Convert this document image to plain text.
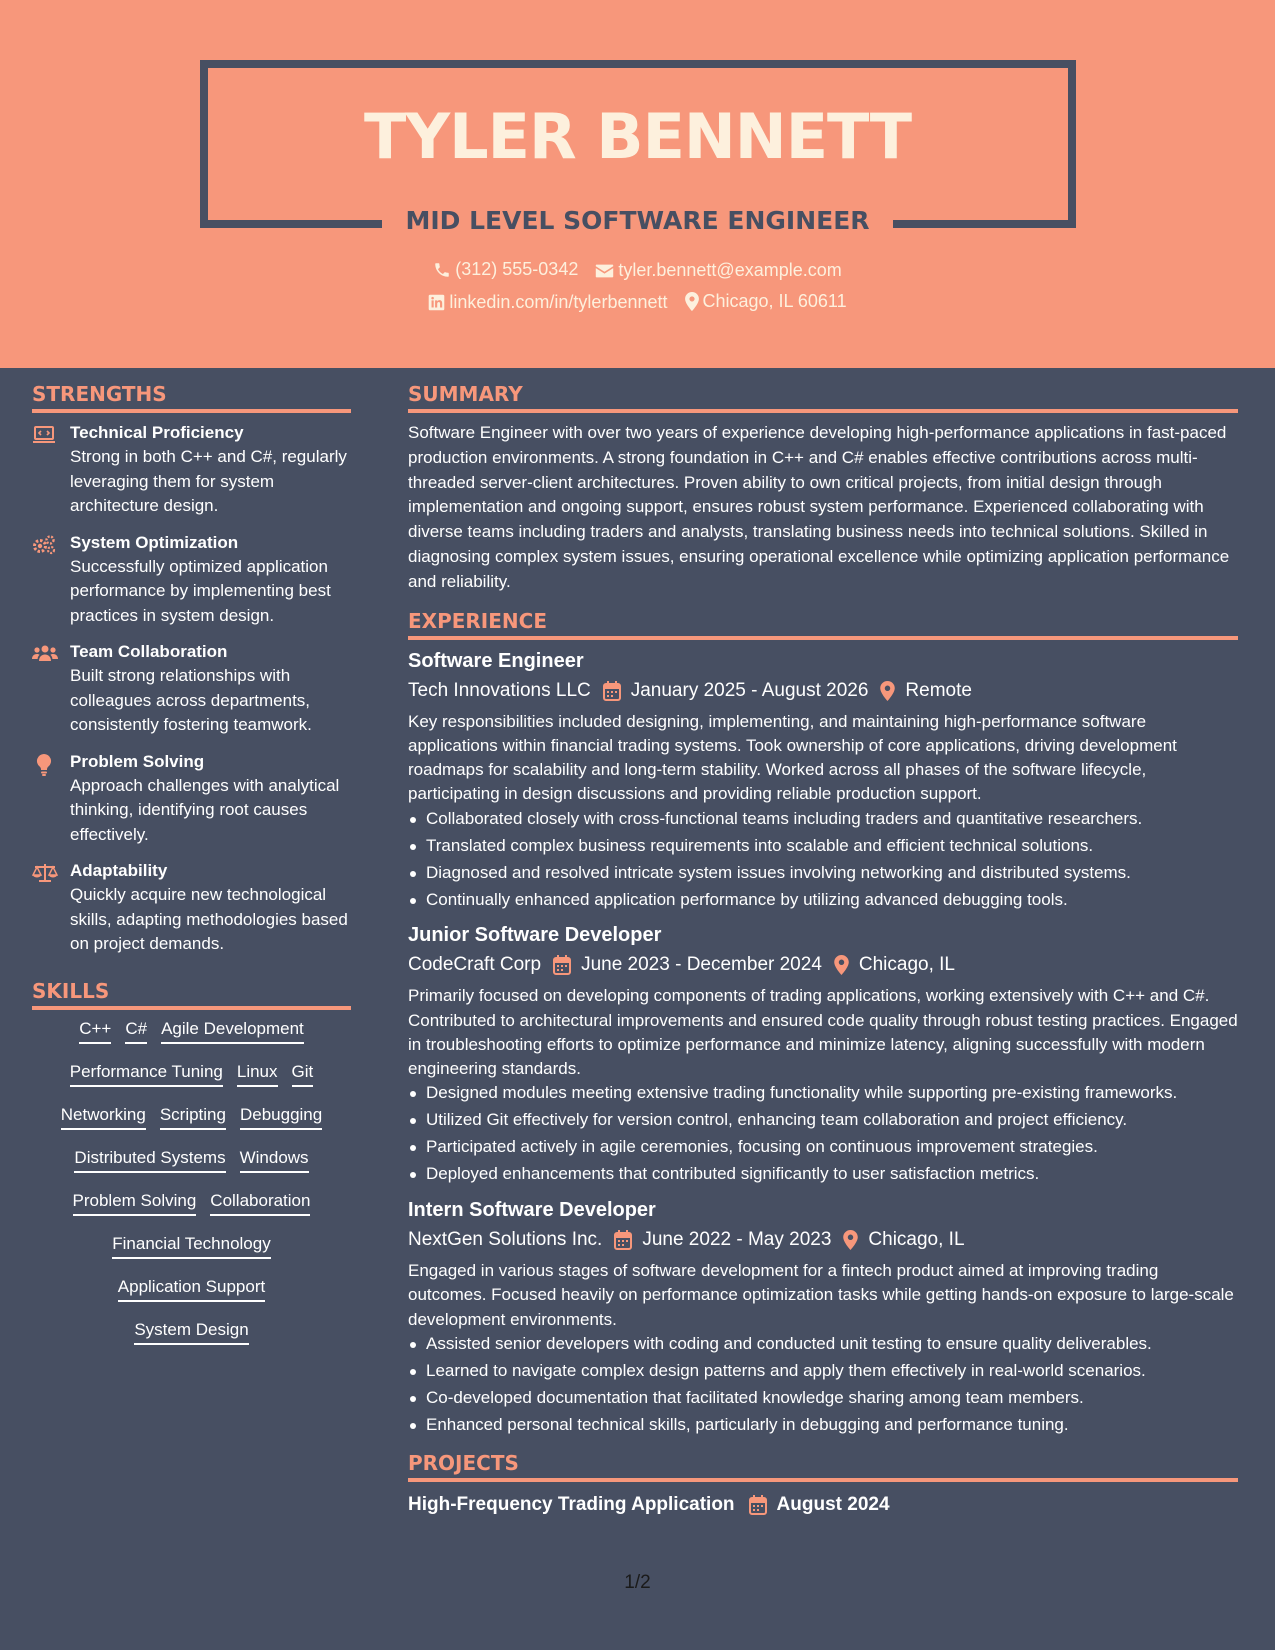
TYLER BENNETT
MID LEVEL SOFTWARE ENGINEER
(312) 555-0342
tyler.bennett@example.com
linkedin.com/in/tylerbennett
Chicago, IL 60611
STRENGTHS
Technical Proficiency
Strong in both C++ and C#, regularly leveraging them for system architecture design.
System Optimization
Successfully optimized application performance by implementing best practices in system design.
Team Collaboration
Built strong relationships with colleagues across departments, consistently fostering teamwork.
Problem Solving
Approach challenges with analytical thinking, identifying root causes effectively.
Adaptability
Quickly acquire new technological skills, adapting methodologies based on project demands.
SKILLS
C++ C# Agile Development
Performance Tuning Linux Git
Networking Scripting Debugging
Distributed Systems Windows
Problem Solving Collaboration
Financial Technology
Application Support
System Design
SUMMARY
Software Engineer with over two years of experience developing high-performance applications in fast-paced production environments. A strong foundation in C++ and C# enables effective contributions across multi-threaded server-client architectures. Proven ability to own critical projects, from initial design through implementation and ongoing support, ensures robust system performance. Experienced collaborating with diverse teams including traders and analysts, translating business needs into technical solutions. Skilled in diagnosing complex system issues, ensuring operational excellence while optimizing application performance and reliability.
EXPERIENCE
Software Engineer
Tech Innovations LLC January 2025 - August 2026 Remote
Key responsibilities included designing, implementing, and maintaining high-performance software applications within financial trading systems. Took ownership of core applications, driving development roadmaps for scalability and long-term stability. Worked across all phases of the software lifecycle, participating in design discussions and providing reliable production support.
Collaborated closely with cross-functional teams including traders and quantitative researchers.
Translated complex business requirements into scalable and efficient technical solutions.
Diagnosed and resolved intricate system issues involving networking and distributed systems.
Continually enhanced application performance by utilizing advanced debugging tools.
Junior Software Developer
CodeCraft Corp June 2023 - December 2024 Chicago, IL
Primarily focused on developing components of trading applications, working extensively with C++ and C#. Contributed to architectural improvements and ensured code quality through robust testing practices. Engaged in troubleshooting efforts to optimize performance and minimize latency, aligning successfully with modern engineering standards.
Designed modules meeting extensive trading functionality while supporting pre-existing frameworks.
Utilized Git effectively for version control, enhancing team collaboration and project efficiency.
Participated actively in agile ceremonies, focusing on continuous improvement strategies.
Deployed enhancements that contributed significantly to user satisfaction metrics.
Intern Software Developer
NextGen Solutions Inc. June 2022 - May 2023 Chicago, IL
Engaged in various stages of software development for a fintech product aimed at improving trading outcomes. Focused heavily on performance optimization tasks while getting hands-on exposure to large-scale development environments.
Assisted senior developers with coding and conducted unit testing to ensure quality deliverables.
Learned to navigate complex design patterns and apply them effectively in real-world scenarios.
Co-developed documentation that facilitated knowledge sharing among team members.
Enhanced personal technical skills, particularly in debugging and performance tuning.
PROJECTS
High-Frequency Trading Application August 2024
1/2
